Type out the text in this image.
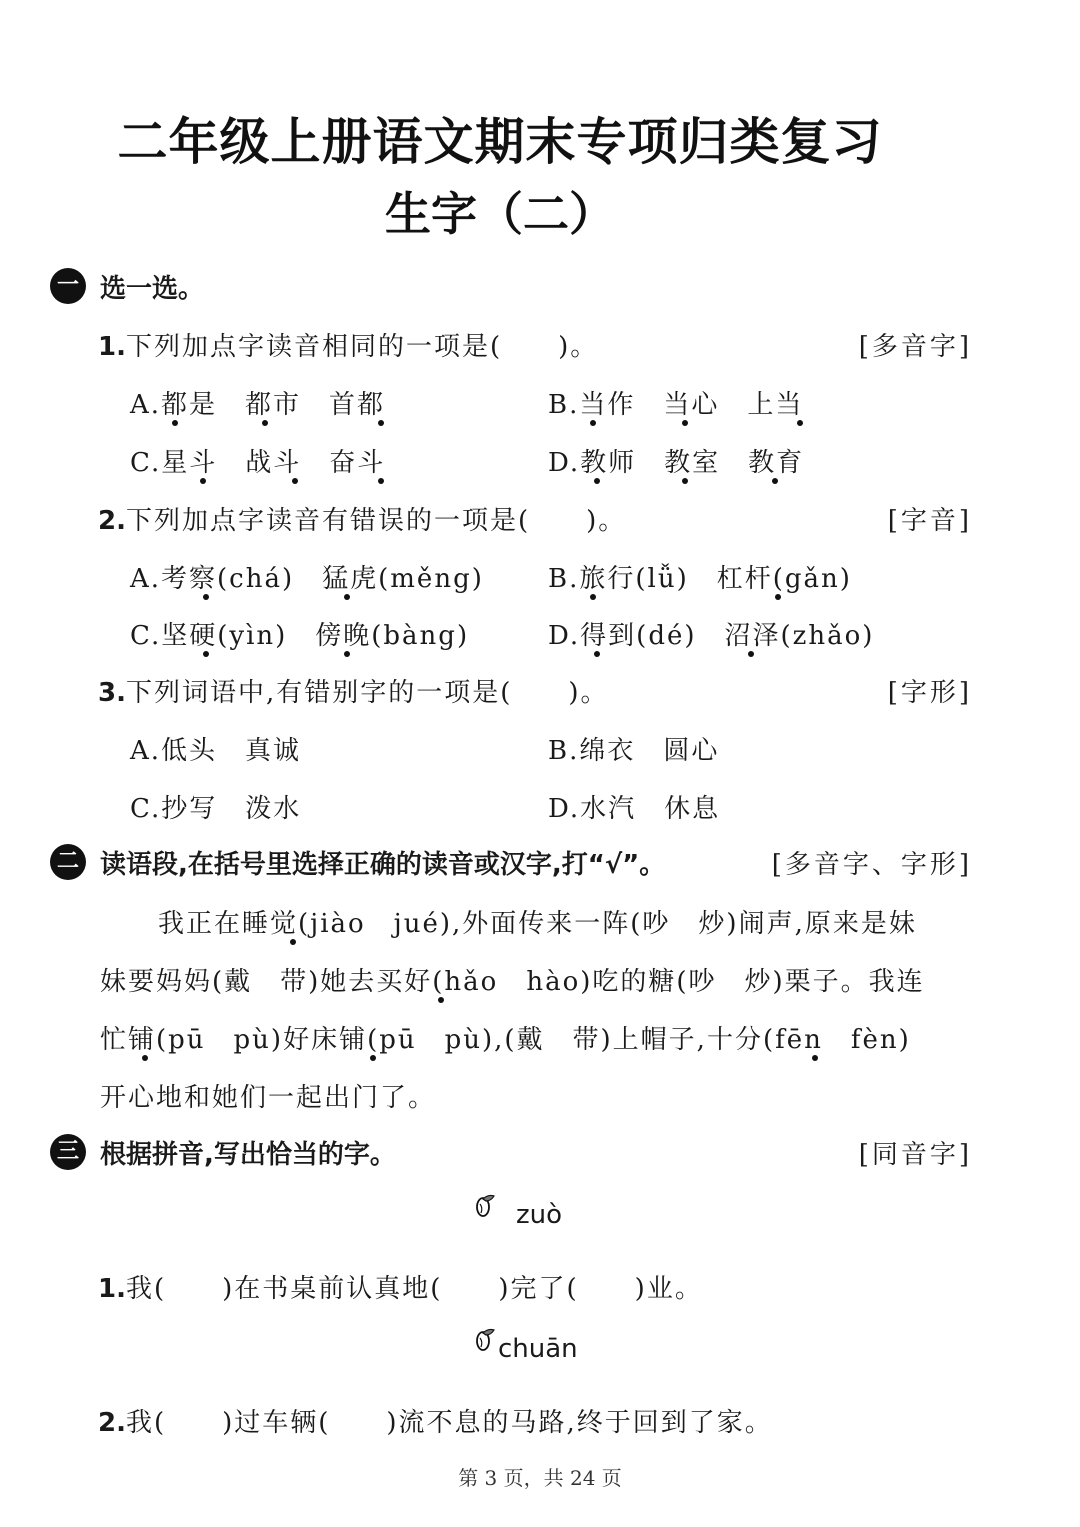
二年级上册语文期末专项归类复习
生字（二）
一 选一选。
1.下列加点字读音相同的一项是(　　)。	[多音字]
A.都是　都市　首都	B.当作　当心　上当
C.星斗　战斗　奋斗	D.教师　教室　教育
2.下列加点字读音有错误的一项是(　　)。	[字音]
A.考察(chá)　猛虎(měng) B.旅行(lǚ)　杠杆(gǎn)
C.坚硬(yìn)　傍晚(bàng)	D.得到(dé)　沼泽(zhǎo)
3.下列词语中,有错别字的一项是(　　)。	[字形]
A.低头　真诚	B.绵衣　圆心
C.抄写　泼水	D.水汽　休息
二 读语段,在括号里选择正确的读音或汉字,打“√”。	[多音字、字形]
我正在睡觉(jiào　jué),外面传来一阵(吵　炒)闹声,原来是妹
妹要妈妈(戴　带)她去买好(hǎo　hào)吃的糖(吵　炒)栗子。我连
忙铺(pū　pù)好床铺(pū　pù),(戴　带)上帽子,十分(fēn　fèn)
开心地和她们一起出门了。
三 根据拼音,写出恰当的字。	[同音字]
zuò
1.我(　　)在书桌前认真地(　　)完了(　　)业。
chuān
2.我(　　)过车辆(　　)流不息的马路,终于回到了家。
第 3 页，共 24 页
